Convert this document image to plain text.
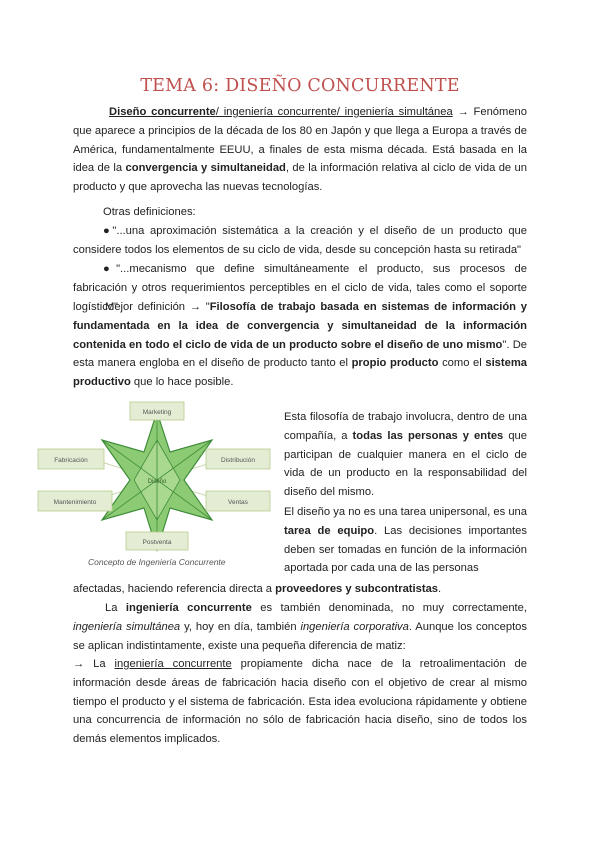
TEMA 6: DISEÑO CONCURRENTE
Diseño concurrente/ ingeniería concurrente/ ingeniería simultánea → Fenómeno que aparece a principios de la década de los 80 en Japón y que llega a Europa a través de América, fundamentalmente EEUU, a finales de esta misma década. Está basada en la idea de la convergencia y simultaneidad, de la información relativa al ciclo de vida de un producto y que aprovecha las nuevas tecnologías.
Otras definiciones:
●"...una aproximación sistemática a la creación y el diseño de un producto que considere todos los elementos de su ciclo de vida, desde su concepción hasta su retirada"
●"...mecanismo que define simultáneamente el producto, sus procesos de fabricación y otros requerimientos perceptibles en el ciclo de vida, tales como el soporte logístico"
Mejor definición → "Filosofía de trabajo basada en sistemas de información y fundamentada en la idea de convergencia y simultaneidad de la información contenida en todo el ciclo de vida de un producto sobre el diseño de uno mismo". De esta manera engloba en el diseño de producto tanto el propio producto como el sistema productivo que lo hace posible.
Marketing
Fabricación	Distribución
Mantenimiento	Ventas
Postventa
Diseño
Concepto de Ingeniería Concurrente
Esta filosofía de trabajo involucra, dentro de una compañía, a todas las personas y entes que participan de cualquier manera en el ciclo de vida de un producto en la responsabilidad del diseño del mismo.
El diseño ya no es una tarea unipersonal, es una tarea de equipo. Las decisiones importantes deben ser tomadas en función de la información aportada por cada una de las personas
afectadas, haciendo referencia directa a proveedores y subcontratistas.
La ingeniería concurrente es también denominada, no muy correctamente, ingeniería simultánea y, hoy en día, también ingeniería corporativa. Aunque los conceptos se aplican indistintamente, existe una pequeña diferencia de matiz:
→ La ingeniería concurrente propiamente dicha nace de la retroalimentación de información desde áreas de fabricación hacia diseño con el objetivo de crear al mismo tiempo el producto y el sistema de fabricación. Esta idea evoluciona rápidamente y obtiene una concurrencia de información no sólo de fabricación hacia diseño, sino de todos los demás elementos implicados.
